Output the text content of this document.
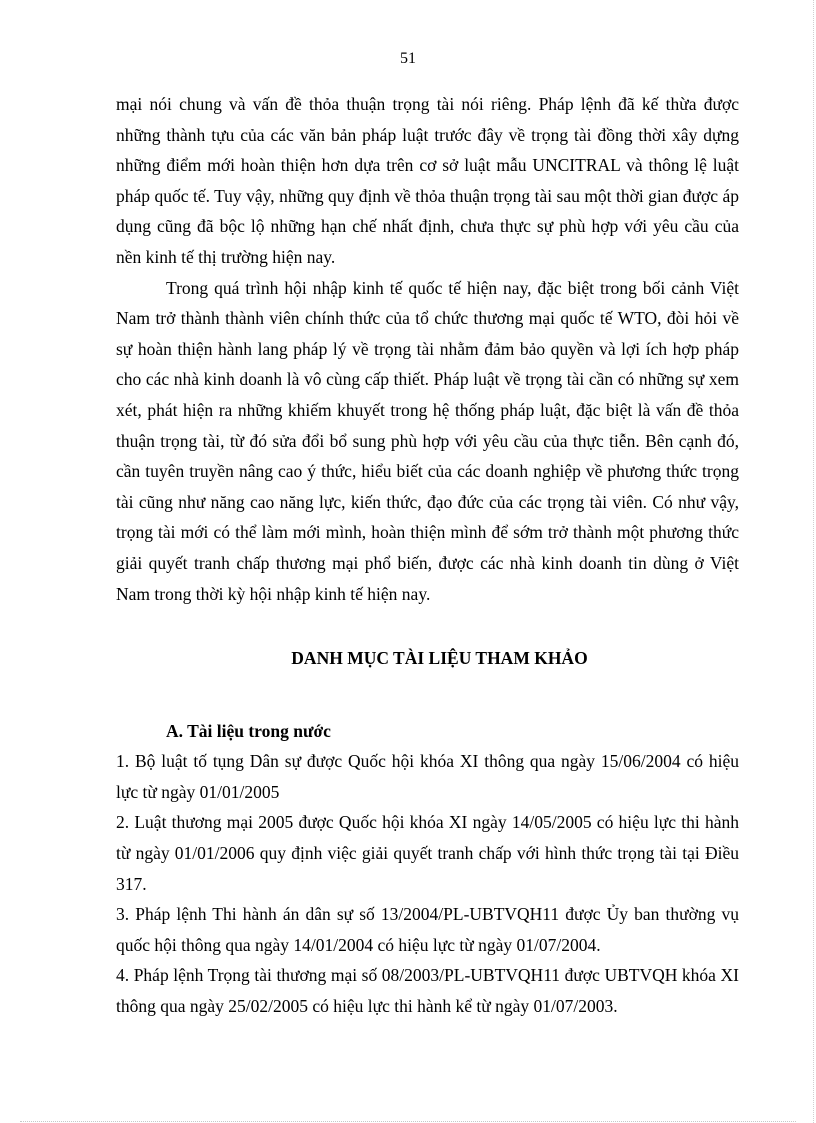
51

mại nói chung và vấn đề thỏa thuận trọng tài nói riêng. Pháp lệnh đã kế thừa được những thành tựu của các văn bản pháp luật trước đây về trọng tài đồng thời xây dựng những điểm mới hoàn thiện hơn dựa trên cơ sở luật mẫu UNCITRAL và thông lệ luật pháp quốc tế. Tuy vậy, những quy định về thỏa thuận trọng tài sau một thời gian được áp dụng cũng đã bộc lộ những hạn chế nhất định, chưa thực sự phù hợp với yêu cầu của nền kinh tế thị trường hiện nay.

Trong quá trình hội nhập kinh tế quốc tế hiện nay, đặc biệt trong bối cảnh Việt Nam trở thành thành viên chính thức của tổ chức thương mại quốc tế WTO, đòi hỏi về sự hoàn thiện hành lang pháp lý về trọng tài nhằm đảm bảo quyền và lợi ích hợp pháp cho các nhà kinh doanh là vô cùng cấp thiết. Pháp luật về trọng tài cần có những sự xem xét, phát hiện ra những khiếm khuyết trong hệ thống pháp luật, đặc biệt là vấn đề thỏa thuận trọng tài, từ đó sửa đổi bổ sung phù hợp với yêu cầu của thực tiễn. Bên cạnh đó, cần tuyên truyền nâng cao ý thức, hiểu biết của các doanh nghiệp về phương thức trọng tài cũng như năng cao năng lực, kiến thức, đạo đức của các trọng tài viên. Có như vậy, trọng tài mới có thể làm mới mình, hoàn thiện mình để sớm trở thành một phương thức giải quyết tranh chấp thương mại phổ biến, được các nhà kinh doanh tin dùng ở Việt Nam trong thời kỳ hội nhập kinh tế hiện nay.

DANH MỤC TÀI LIỆU THAM KHẢO
A. Tài liệu trong nước

1. Bộ luật tố tụng Dân sự được Quốc hội khóa XI thông qua ngày 15/06/2004 có hiệu lực từ ngày 01/01/2005

2. Luật thương mại 2005 được Quốc hội khóa XI ngày 14/05/2005 có hiệu lực thi hành từ ngày 01/01/2006 quy định việc giải quyết tranh chấp với hình thức trọng tài tại Điều 317.

3. Pháp lệnh Thi hành án dân sự số 13/2004/PL-UBTVQH11 được Ủy ban thường vụ quốc hội thông qua ngày 14/01/2004 có hiệu lực từ ngày 01/07/2004.

4. Pháp lệnh Trọng tài thương mại số 08/2003/PL-UBTVQH11 được UBTVQH khóa XI thông qua ngày 25/02/2005 có hiệu lực thi hành kể từ ngày 01/07/2003.
